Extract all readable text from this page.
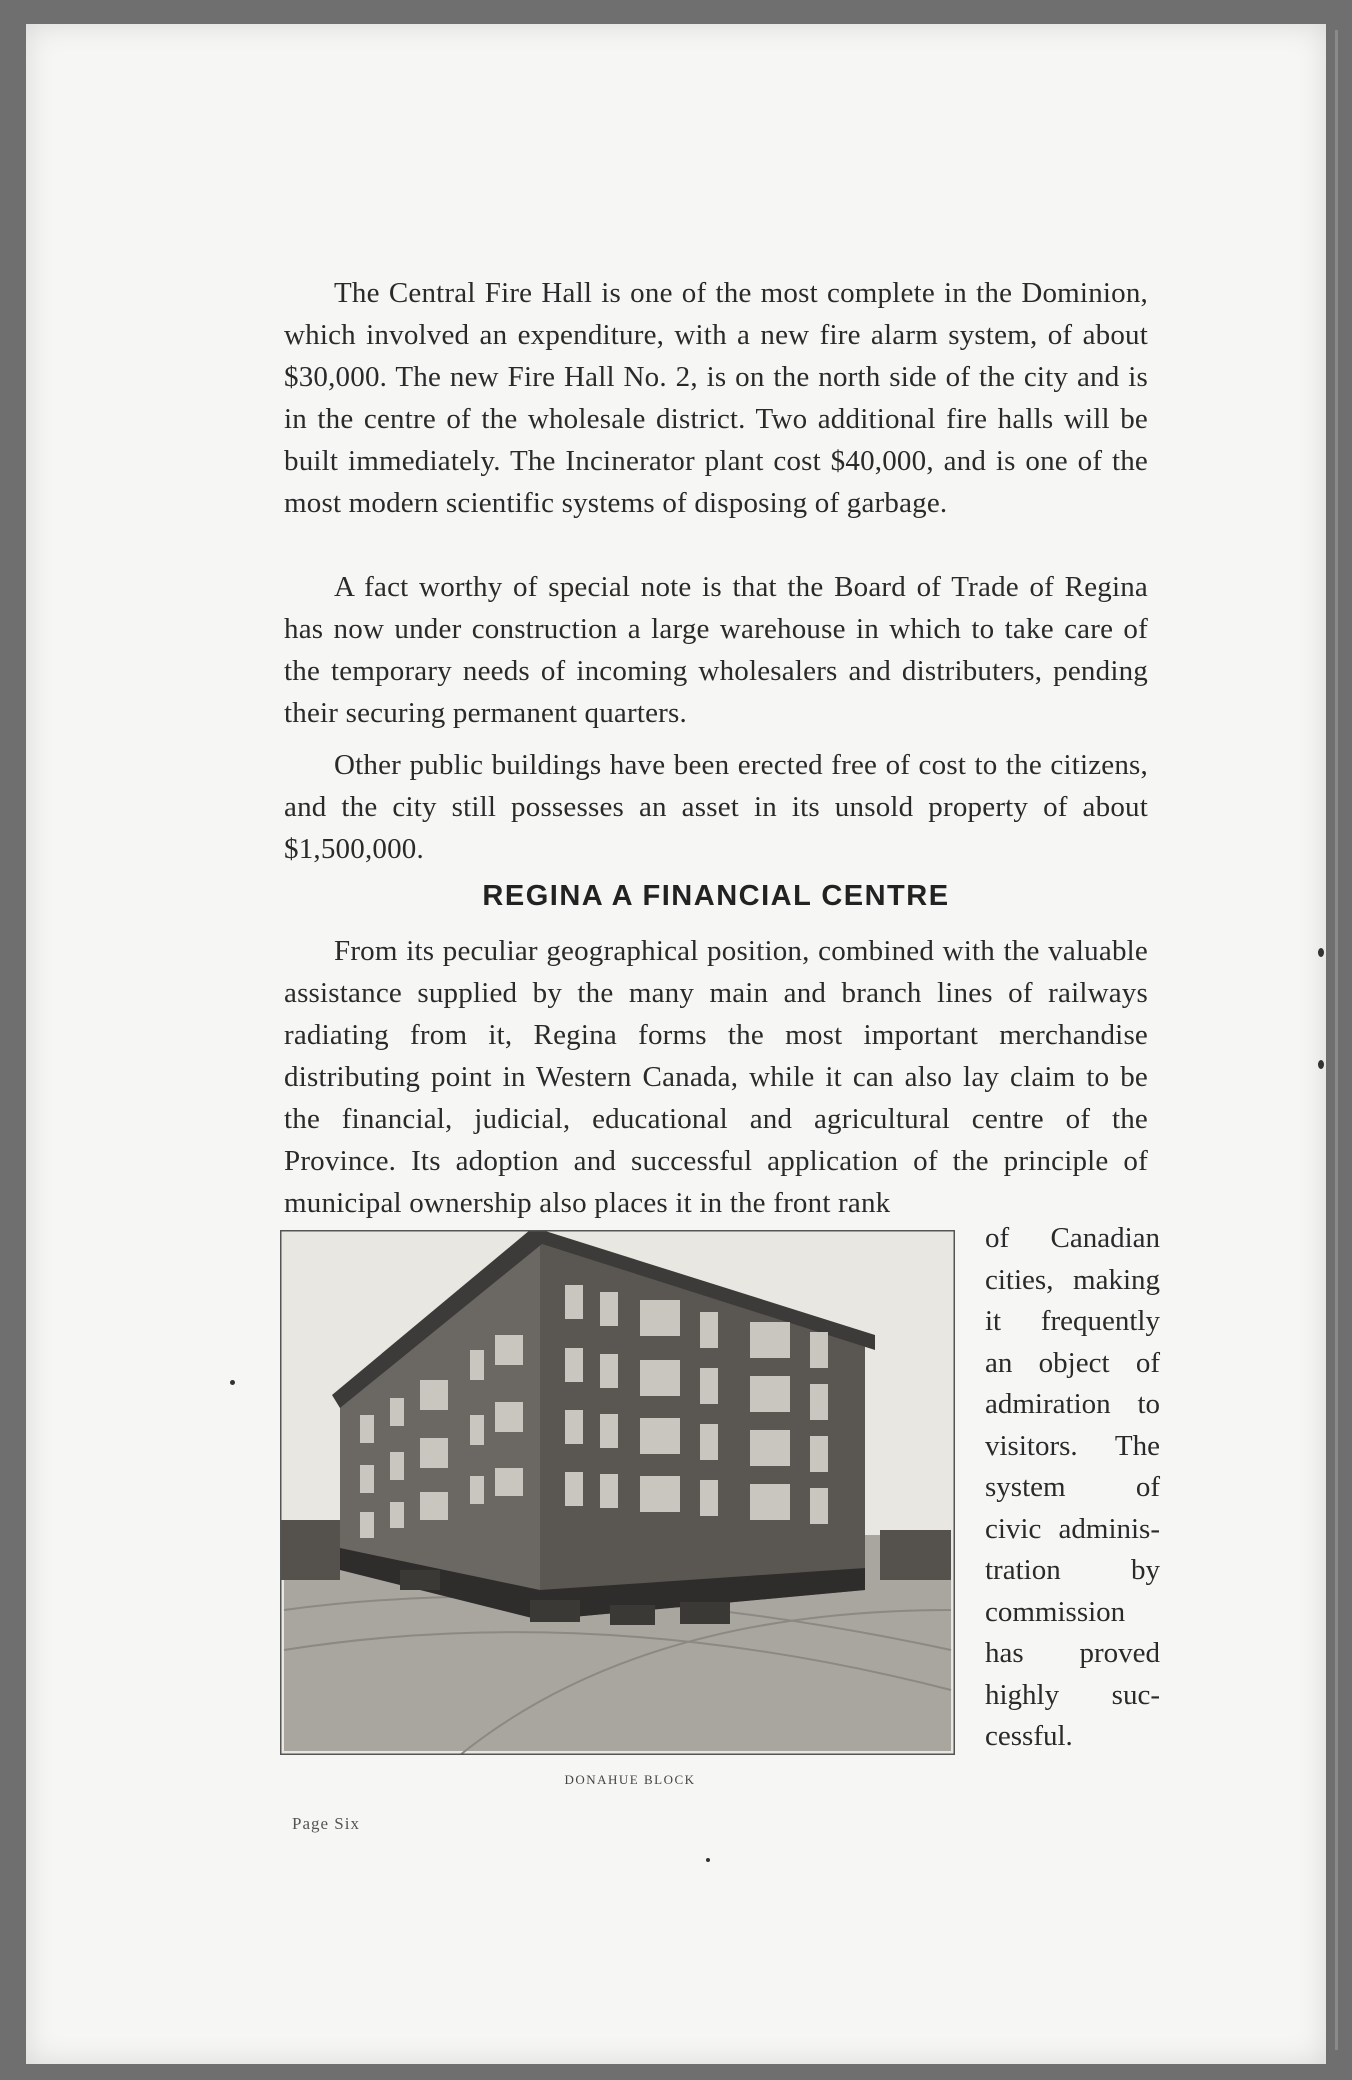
The Central Fire Hall is one of the most complete in the Dominion, which involved an expenditure, with a new fire alarm system, of about $30,000. The new Fire Hall No. 2, is on the north side of the city and is in the centre of the wholesale district. Two additional fire halls will be built immediately. The Incinerator plant cost $40,000, and is one of the most modern scientific systems of disposing of garbage.

A fact worthy of special note is that the Board of Trade of Regina has now under construction a large warehouse in which to take care of the temporary needs of incoming wholesalers and distributers, pending their securing permanent quarters.

Other public buildings have been erected free of cost to the citizens, and the city still possesses an asset in its unsold property of about $1,500,000.

REGINA A FINANCIAL CENTRE

From its peculiar geographical position, combined with the valuable assistance supplied by the many main and branch lines of railways radiating from it, Regina forms the most important merchandise distributing point in Western Canada, while it can also lay claim to be the financial, judicial, educational and agricultural centre of the Province. Its adoption and successful application of the principle of municipal ownership also places it in the front rank

of Canadian
cities, making
it frequently
an object of
admiration to
visitors. The
system of
civic adminis-
tration by
commission
has proved
highly suc-
cessful.

DONAHUE BLOCK
Page Six
